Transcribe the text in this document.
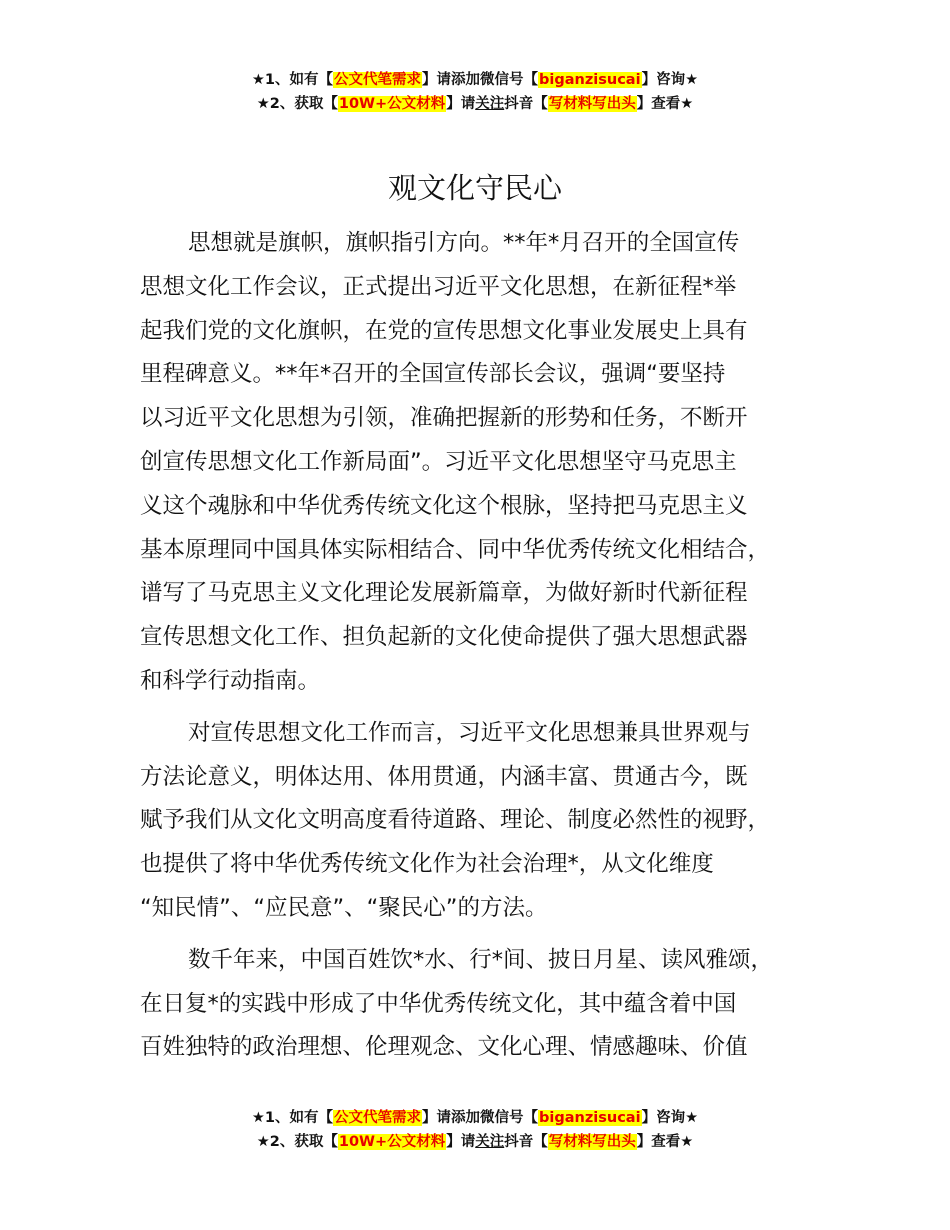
★1、如有【公文代笔需求】请添加微信号【biganzisucai】咨询★
★2、获取【10W+公文材料】请关注抖音【写材料写出头】查看★
观文化守民心
思想就是旗帜，旗帜指引方向。**年*月召开的全国宣传
思想文化工作会议，正式提出习近平文化思想，在新征程*举
起我们党的文化旗帜，在党的宣传思想文化事业发展史上具有
里程碑意义。**年*召开的全国宣传部长会议，强调“要坚持
以习近平文化思想为引领，准确把握新的形势和任务，不断开
创宣传思想文化工作新局面”。习近平文化思想坚守马克思主
义这个魂脉和中华优秀传统文化这个根脉，坚持把马克思主义
基本原理同中国具体实际相结合、同中华优秀传统文化相结合，
谱写了马克思主义文化理论发展新篇章，为做好新时代新征程
宣传思想文化工作、担负起新的文化使命提供了强大思想武器
和科学行动指南。
对宣传思想文化工作而言，习近平文化思想兼具世界观与
方法论意义，明体达用、体用贯通，内涵丰富、贯通古今，既
赋予我们从文化文明高度看待道路、理论、制度必然性的视野，
也提供了将中华优秀传统文化作为社会治理*，从文化维度
“知民情”、“应民意”、“聚民心”的方法。
数千年来，中国百姓饮*水、行*间、披日月星、读风雅颂，
在日复*的实践中形成了中华优秀传统文化，其中蕴含着中国
百姓独特的政治理想、伦理观念、文化心理、情感趣味、价值
★1、如有【公文代笔需求】请添加微信号【biganzisucai】咨询★
★2、获取【10W+公文材料】请关注抖音【写材料写出头】查看★
